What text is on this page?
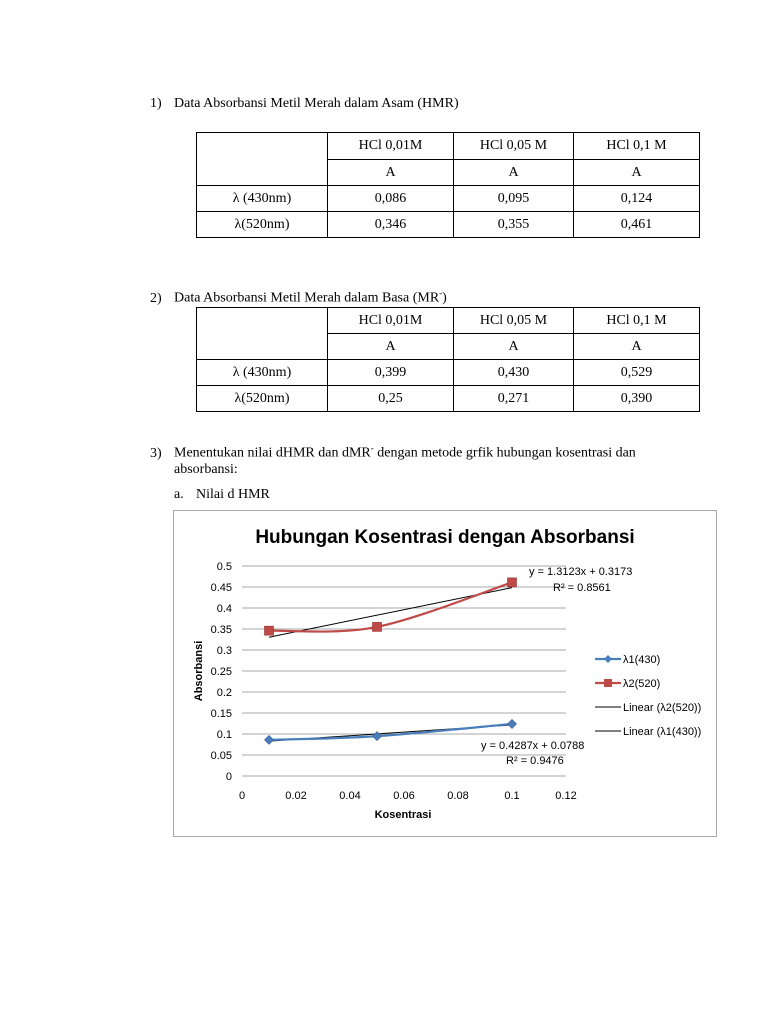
1) Data Absorbansi Metil Merah dalam Asam (HMR)
	HCl 0,01M	HCl 0,05 M	HCl 0,1 M
	A	A	A
λ (430nm)	0,086	0,095	0,124
λ(520nm)	0,346	0,355	0,461
2) Data Absorbansi Metil Merah dalam Basa (MR-)
	HCl 0,01M	HCl 0,05 M	HCl 0,1 M
	A	A	A
λ (430nm)	0,399	0,430	0,529
λ(520nm)	0,25	0,271	0,390
3) Menentukan nilai dHMR dan dMR- dengan metode grfik hubungan kosentrasi dan
absorbansi:
a. Nilai d HMR
Hubungan Kosentrasi dengan Absorbansi
0
0.05
0.1
0.15
0.2
0.25
0.3
0.35
0.4
0.45
0.5
0	0.02	0.04	0.06	0.08	0.1	0.12
y = 1.3123x + 0.3173
R² = 0.8561
y = 0.4287x + 0.0788
R² = 0.9476
λ1(430)
λ2(520)
Linear (λ2(520))
Linear (λ1(430))
Kosentrasi
Absorbansi
